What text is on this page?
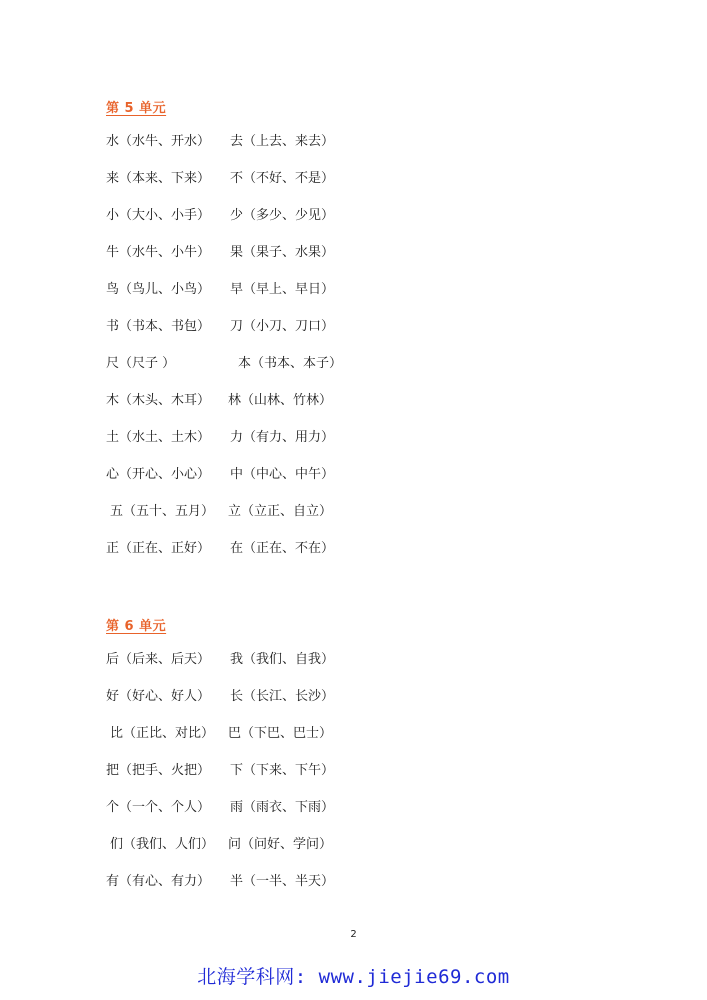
第 5 单元
水（水牛、开水） 去（上去、来去）
来（本来、下来） 不（不好、不是）
小（大小、小手） 少（多少、少见）
牛（水牛、小牛） 果（果子、水果）
鸟（鸟儿、小鸟） 早（早上、早日）
书（书本、书包） 刀（小刀、刀口）
尺（尺子 ）	本（书本、本子）
木（木头、木耳） 林（山林、竹林）
土（水土、土木） 力（有力、用力）
心（开心、小心） 中（中心、中午）
五（五十、五月） 立（立正、自立）
正（正在、正好） 在（正在、不在）
第 6 单元
后（后来、后天） 我（我们、自我）
好（好心、好人） 长（长江、长沙）
比（正比、对比） 巴（下巴、巴士）
把（把手、火把） 下（下来、下午）
个（一个、个人） 雨（雨衣、下雨）
们（我们、人们） 问（问好、学问）
有（有心、有力） 半（一半、半天）
2
北海学科网: www.jiejie69.com
